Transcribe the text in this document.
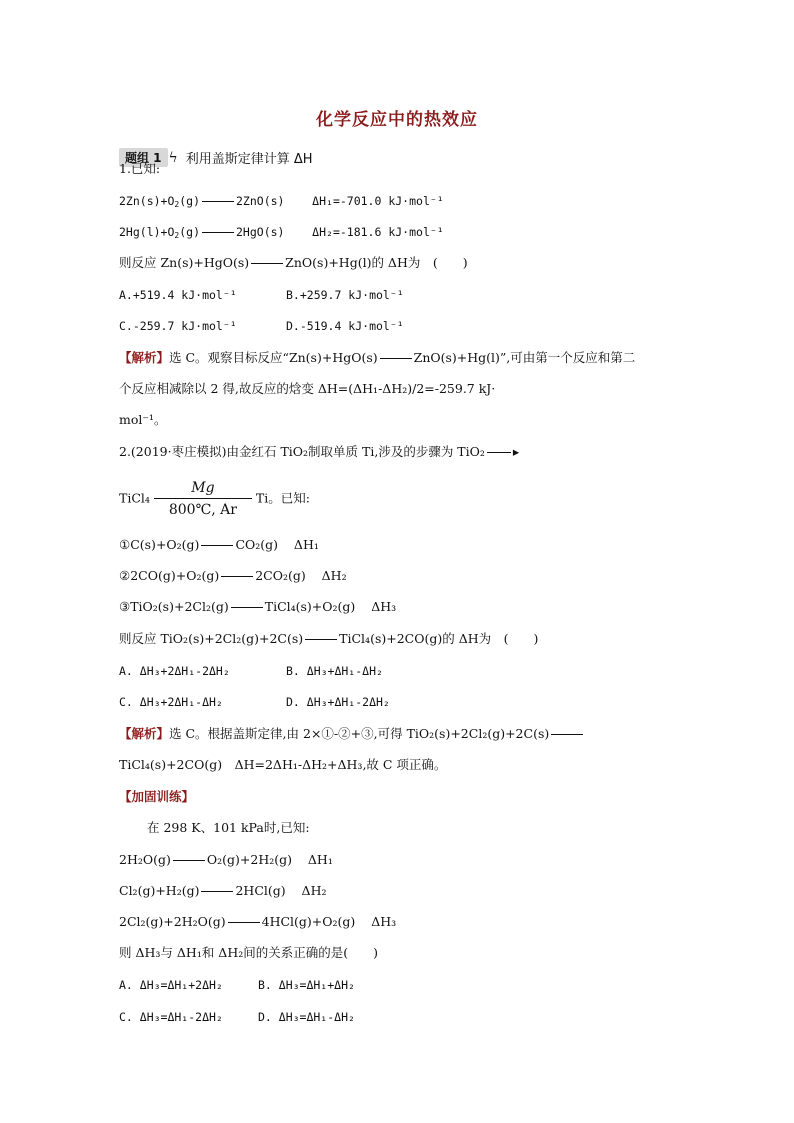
化学反应中的热效应
题组 1 ϟ 利用盖斯定律计算 ΔH
1.已知:
$2Zn(s)+O_2(g)$	2ZnO(s) ΔH₁=-701.0 kJ·mol⁻¹
$2Hg(l)+O_2(g)$	2HgO(s) ΔH₂=-181.6 kJ·mol⁻¹
则反应 Zn(s)+HgO(s)	ZnO(s)+Hg(l)的 ΔH为　(　　)
A.+519.4 kJ·mol⁻¹	B.+259.7 kJ·mol⁻¹
C.-259.7 kJ·mol⁻¹	D.-519.4 kJ·mol⁻¹
【解析】选 C。观察目标反应“Zn(s)+HgO(s)	ZnO(s)+Hg(l)”,可由第一个反应和第二
个反应相减除以 2 得,故反应的焓变 ΔH=(ΔH₁-ΔH₂)/2=-259.7 kJ·
mol⁻¹。
2.(2019·枣庄模拟)由金红石 TiO₂制取单质 Ti,涉及的步骤为 TiO₂ ▸
TiCl₄ $\frac{Mg}{800℃, Ar}$ Ti。已知:
①C(s)+O₂(g)	CO₂(g) ΔH₁
②2CO(g)+O₂(g)	2CO₂(g) ΔH₂
③TiO₂(s)+2Cl₂(g)	TiCl₄(s)+O₂(g) ΔH₃
则反应 TiO₂(s)+2Cl₂(g)+2C(s)	TiCl₄(s)+2CO(g)的 ΔH为　(　　)
A. ΔH₃+2ΔH₁-2ΔH₂	B. ΔH₃+ΔH₁-ΔH₂
C. ΔH₃+2ΔH₁-ΔH₂	D. ΔH₃+ΔH₁-2ΔH₂
【解析】选 C。根据盖斯定律,由 2×①-②+③,可得 TiO₂(s)+2Cl₂(g)+2C(s)
TiCl₄(s)+2CO(g)　ΔH=2ΔH₁-ΔH₂+ΔH₃,故 C 项正确。
【加固训练】
在 298 K、101 kPa时,已知:
2H₂O(g)	O₂(g)+2H₂(g) ΔH₁
Cl₂(g)+H₂(g)	2HCl(g) ΔH₂
2Cl₂(g)+2H₂O(g)	4HCl(g)+O₂(g) ΔH₃
则 ΔH₃与 ΔH₁和 ΔH₂间的关系正确的是(　　)
A. ΔH₃=ΔH₁+2ΔH₂	B. ΔH₃=ΔH₁+ΔH₂
C. ΔH₃=ΔH₁-2ΔH₂	D. ΔH₃=ΔH₁-ΔH₂
